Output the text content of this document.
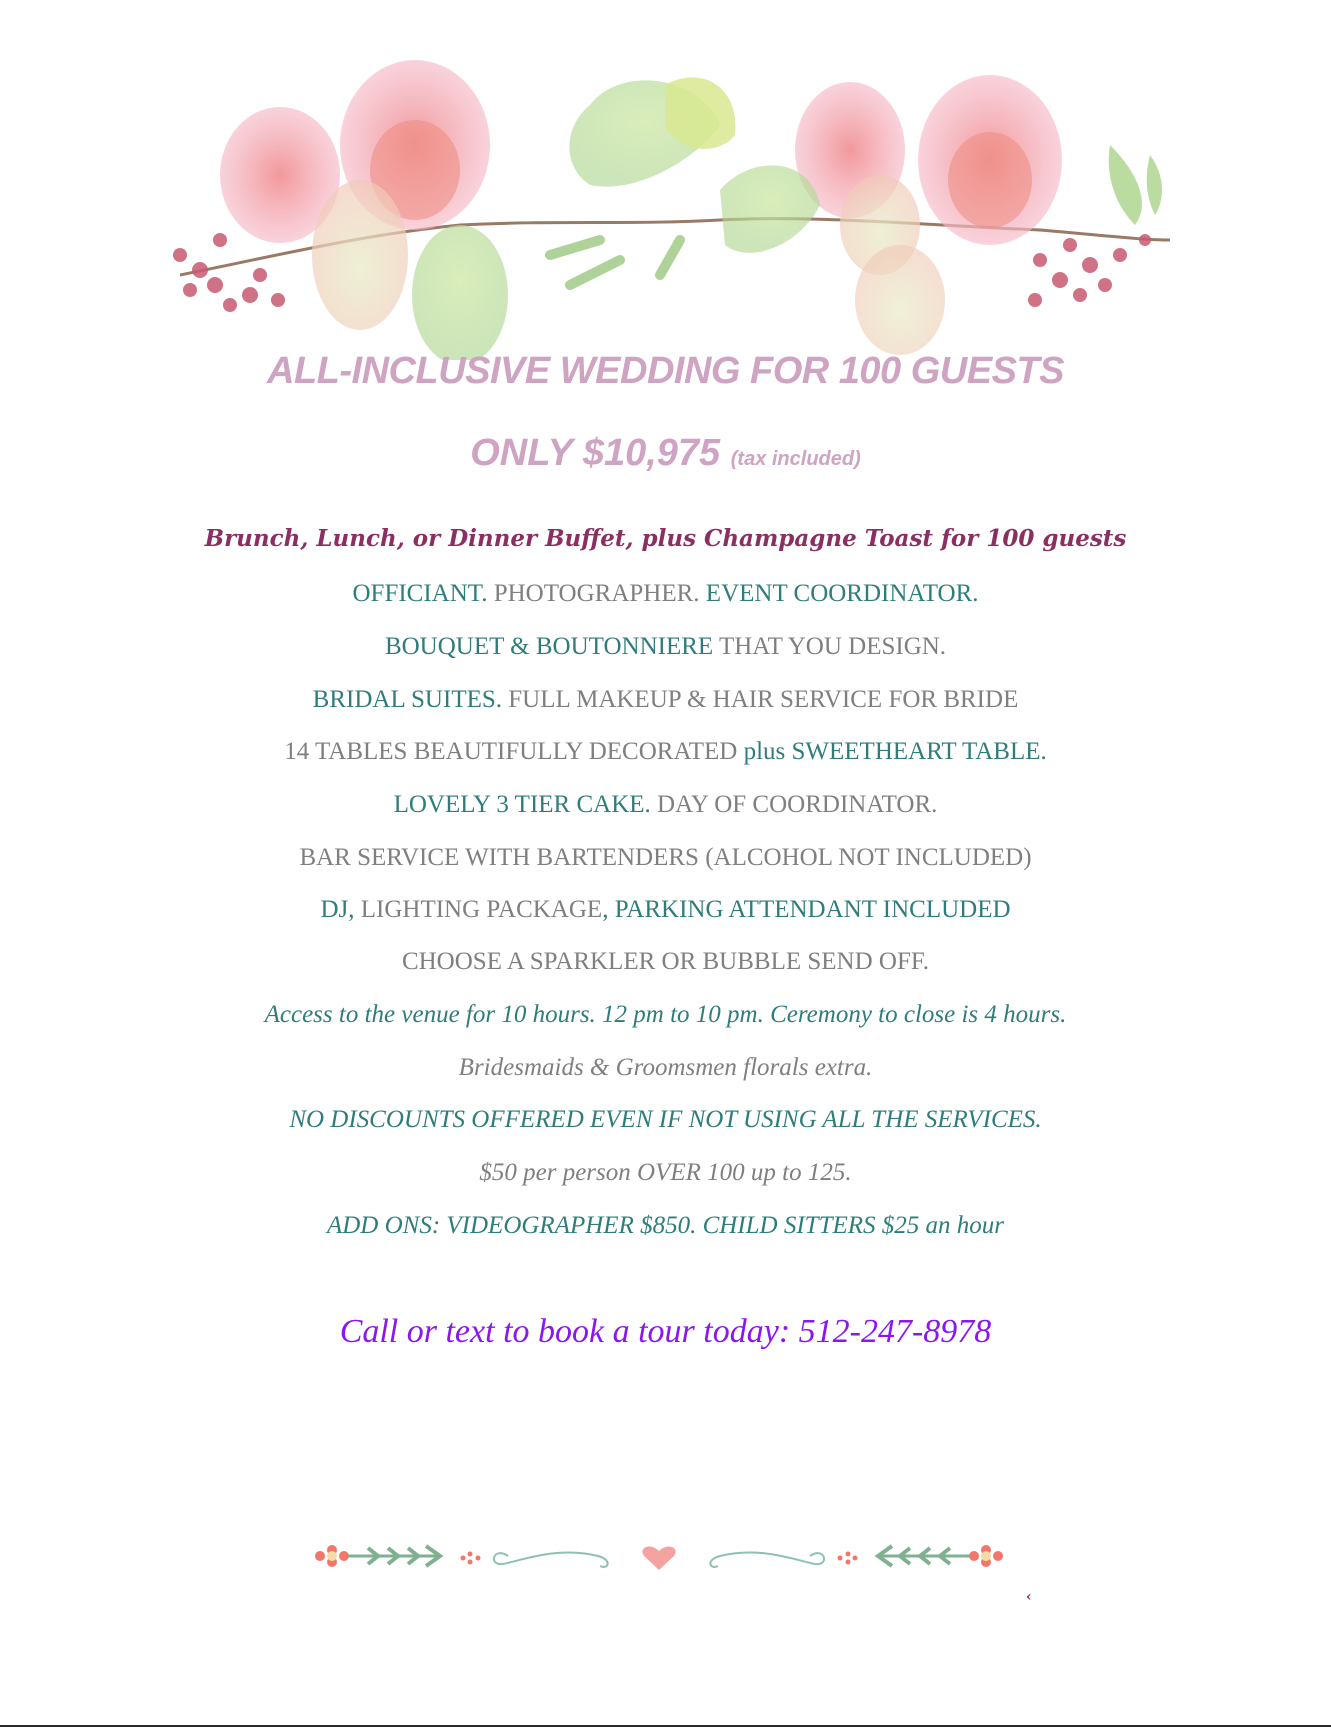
ALL-INCLUSIVE WEDDING FOR 100 GUESTS
ONLY $10,975 (tax included)
Brunch, Lunch, or Dinner Buffet, plus Champagne Toast for 100 guests
OFFICIANT. PHOTOGRAPHER. EVENT COORDINATOR.
BOUQUET & BOUTONNIERE THAT YOU DESIGN.
BRIDAL SUITES. FULL MAKEUP & HAIR SERVICE FOR BRIDE
14 TABLES BEAUTIFULLY DECORATED plus SWEETHEART TABLE.
LOVELY 3 TIER CAKE. DAY OF COORDINATOR.
BAR SERVICE WITH BARTENDERS (ALCOHOL NOT INCLUDED)
DJ, LIGHTING PACKAGE, PARKING ATTENDANT INCLUDED
CHOOSE A SPARKLER OR BUBBLE SEND OFF.
Access to the venue for 10 hours. 12 pm to 10 pm. Ceremony to close is 4 hours.
Bridesmaids & Groomsmen florals extra.
NO DISCOUNTS OFFERED EVEN IF NOT USING ALL THE SERVICES.
$50 per person OVER 100 up to 125.
ADD ONS: VIDEOGRAPHER $850. CHILD SITTERS $25 an hour
Call or text to book a tour today: 512-247-8978
‹
